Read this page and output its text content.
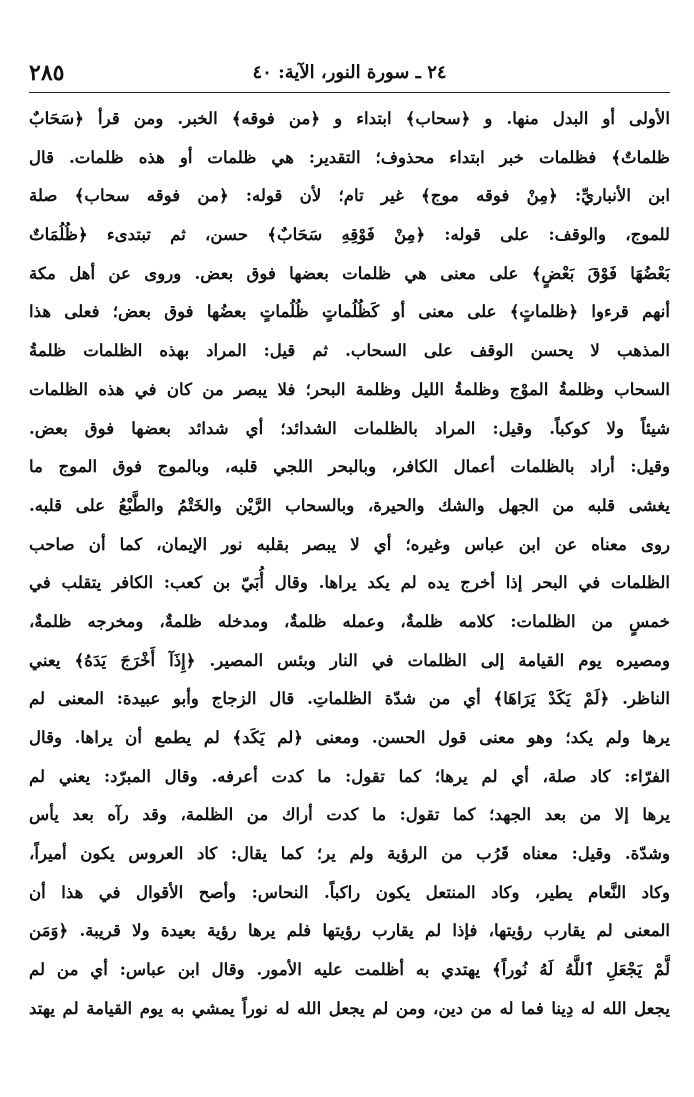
٢٨٥	٢٤ ـ سورة النور، الآية: ٤٠
الأولى أو البدل منها. و ﴿سحاب﴾ ابتداء و ﴿من فوقه﴾ الخبر. ومن قرأ ﴿سَحَابٌ
ظلماتٌ﴾ فظلمات خبر ابتداء محذوف؛ التقدير: هي ظلمات أو هذه ظلمات. قال
ابن الأنباريِّ: ﴿مِنْ فوقه موج﴾ غير تام؛ لأن قوله: ﴿من فوقه سحاب﴾ صلة
للموج، والوقف: على قوله: ﴿مِنْ فَوْقِهِ سَحَابٌ﴾ حسن، ثم تبتدىء ﴿ظُلُمَاتٌ
بَعْضُهَا فَوْقَ بَعْضٍ﴾ على معنى هي ظلمات بعضها فوق بعض. وروى عن أهل مكة
أنهم قرءوا ﴿ظلماتٍ﴾ على معنى أو كَظُلُماتٍ ظُلُماتٍ بعضُها فوق بعض؛ فعلى هذا
المذهب لا يحسن الوقف على السحاب. ثم قيل: المراد بهذه الظلمات ظلمةُ
السحاب وظلمةُ الموْج وظلمةُ الليل وظلمة البحر؛ فلا يبصر من كان في هذه الظلمات
شيئاً ولا كوكباً. وقيل: المراد بالظلمات الشدائد؛ أي شدائد بعضها فوق بعض.
وقيل: أراد بالظلمات أعمال الكافر، وبالبحر اللجي قلبه، وبالموج فوق الموج ما
يغشى قلبه من الجهل والشك والحيرة، وبالسحاب الرَّيْن والخَتْمُ والطَّبْعُ على قلبه.
روى معناه عن ابن عباس وغيره؛ أي لا يبصر بقلبه نور الإيمان، كما أن صاحب
الظلمات في البحر إذا أخرج يده لم يكد يراها. وقال أُبَيّ بن كعب: الكافر يتقلب في
خمسٍ من الظلمات: كلامه ظلمةٌ، وعمله ظلمةٌ، ومدخله ظلمةٌ، ومخرجه ظلمةٌ،
ومصيره يوم القيامة إلى الظلمات في النار وبئس المصير. ﴿إِذَآ أَخْرَجَ يَدَهُ﴾ يعني
الناظر. ﴿لَمْ يَكَدْ يَرَاهَا﴾ أي من شدّة الظلماتِ. قال الزجاج وأبو عبيدة: المعنى لم
يرها ولم يكد؛ وهو معنى قول الحسن. ومعنى ﴿لم يَكَد﴾ لم يطمع أن يراها. وقال
الفرّاء: كاد صلة، أي لم يرها؛ كما تقول: ما كدت أعرفه. وقال المبرّد: يعني لم
يرها إلا من بعد الجهد؛ كما تقول: ما كدت أراك من الظلمة، وقد رآه بعد يأس
وشدّة. وقيل: معناه قَرُب من الرؤية ولم ير؛ كما يقال: كاد العروس يكون أميراً،
وكاد النَّعام يطير، وكاد المنتعل يكون راكباً. النحاس: وأصح الأقوال في هذا أن
المعنى لم يقارب رؤيتها، فإذا لم يقارب رؤيتها فلم يرها رؤية بعيدة ولا قريبة. ﴿وَمَن
لَّمْ يَجْعَلِ ٱللَّهُ لَهُ نُوراً﴾ يهتدي به أظلمت عليه الأمور. وقال ابن عباس: أي من لم
يجعل الله له دِينا فما له من دين، ومن لم يجعل الله له نوراً يمشي به يوم القيامة لم يهتد
